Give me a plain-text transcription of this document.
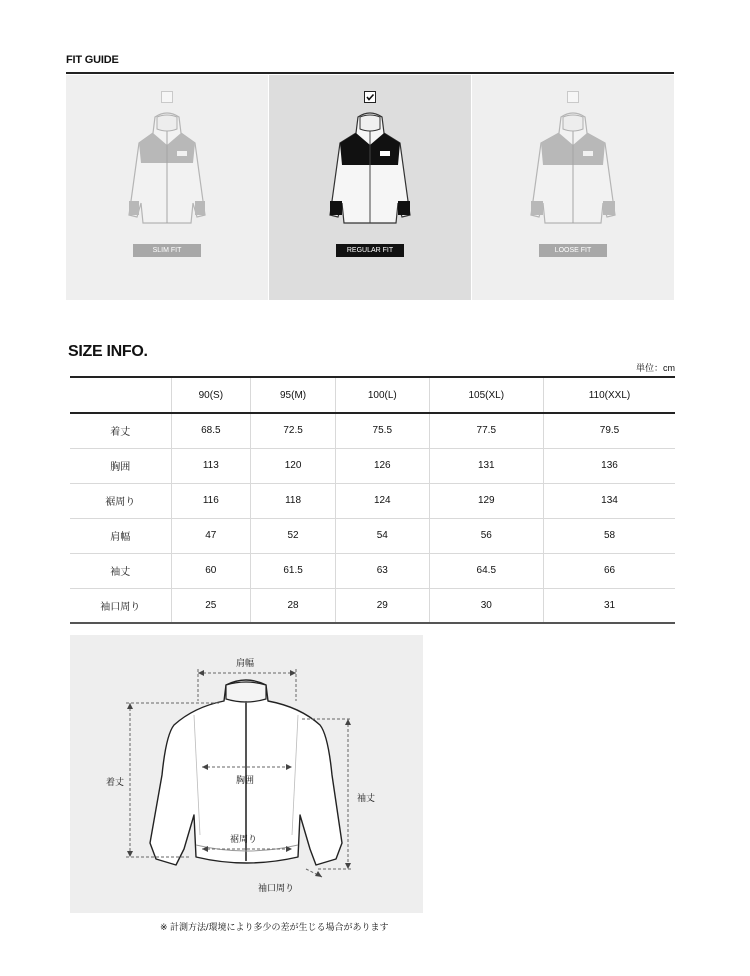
FIT GUIDE
SLIM FIT	REGULAR FIT	LOOSE FIT
SIZE INFO.
単位：cm
	90(S)	95(M)	100(L)	105(XL)	110(XXL)
着丈	68.5	72.5	75.5	77.5	79.5
胸囲	113	120	126	131	136
裾周り	116	118	124	129	134
肩幅	47	52	54	56	58
袖丈	60	61.5	63	64.5	66
袖口周り	25	28	29	30	31
肩幅
着丈	胸囲
袖丈
裾周り
袖口周り
※ 計測方法/環境により多少の差が生じる場合があります
